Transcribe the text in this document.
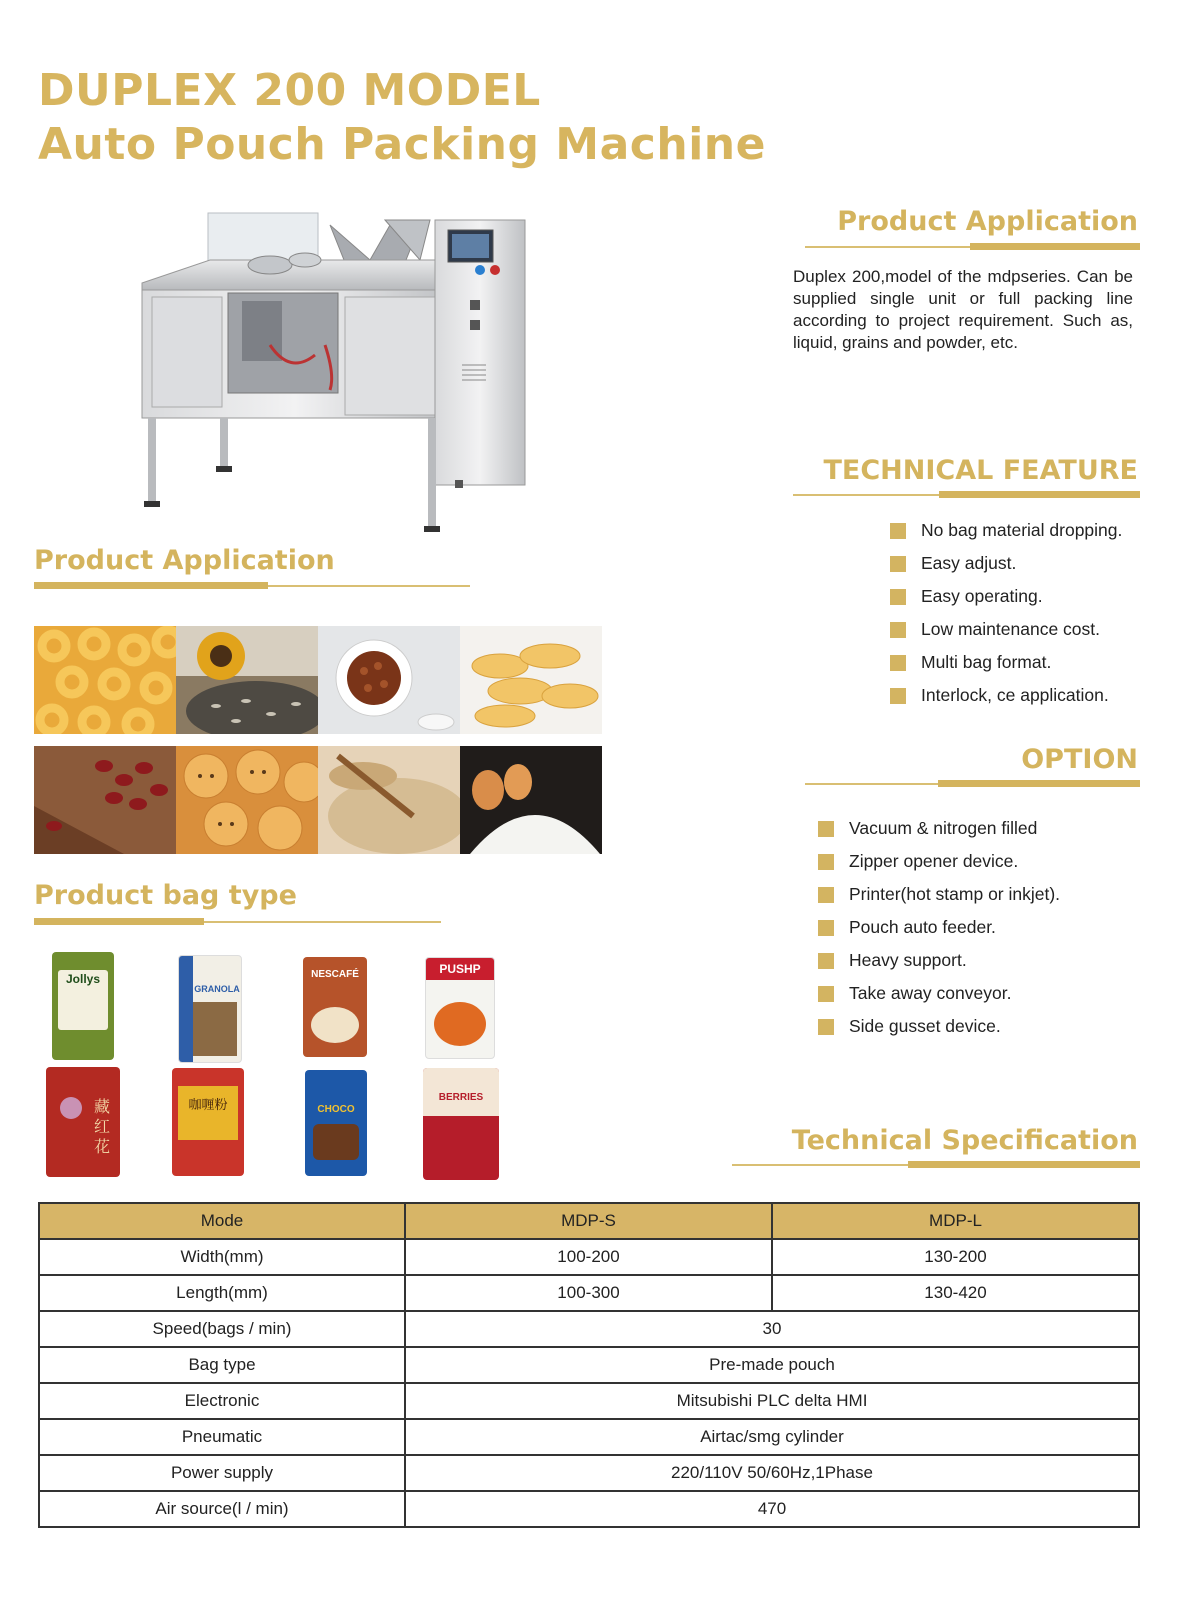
DUPLEX 200 MODEL
Auto Pouch Packing Machine
Product Application
Duplex 200,model of the mdpseries. Can be supplied single unit or full packing line according to project requirement. Such as, liquid, grains and powder, etc.
TECHNICAL FEATURE
No bag material dropping.
Easy adjust.
Easy operating.
Low maintenance cost.
Multi bag format.
Interlock, ce application.
OPTION
Vacuum & nitrogen filled
Zipper opener device.
Printer(hot stamp or inkjet).
Pouch auto feeder.
Heavy support.
Take away conveyor.
Side gusset device.
Product Application
Product bag type
Jollys
GRANOLA
NESCAFÉ	PUSHP
藏红花
咖喱粉	CHOCO
BERRIES
Technical Specification
Mode	MDP-S	MDP-L
Width(mm)	100-200	130-200
Length(mm)	100-300	130-420
Speed(bags / min)	30	
Bag type	Pre-made pouch	
Electronic	Mitsubishi PLC delta HMI	
Pneumatic	Airtac/smg cylinder	
Power supply	220/110V 50/60Hz,1Phase	
Air source(l / min)	470	
